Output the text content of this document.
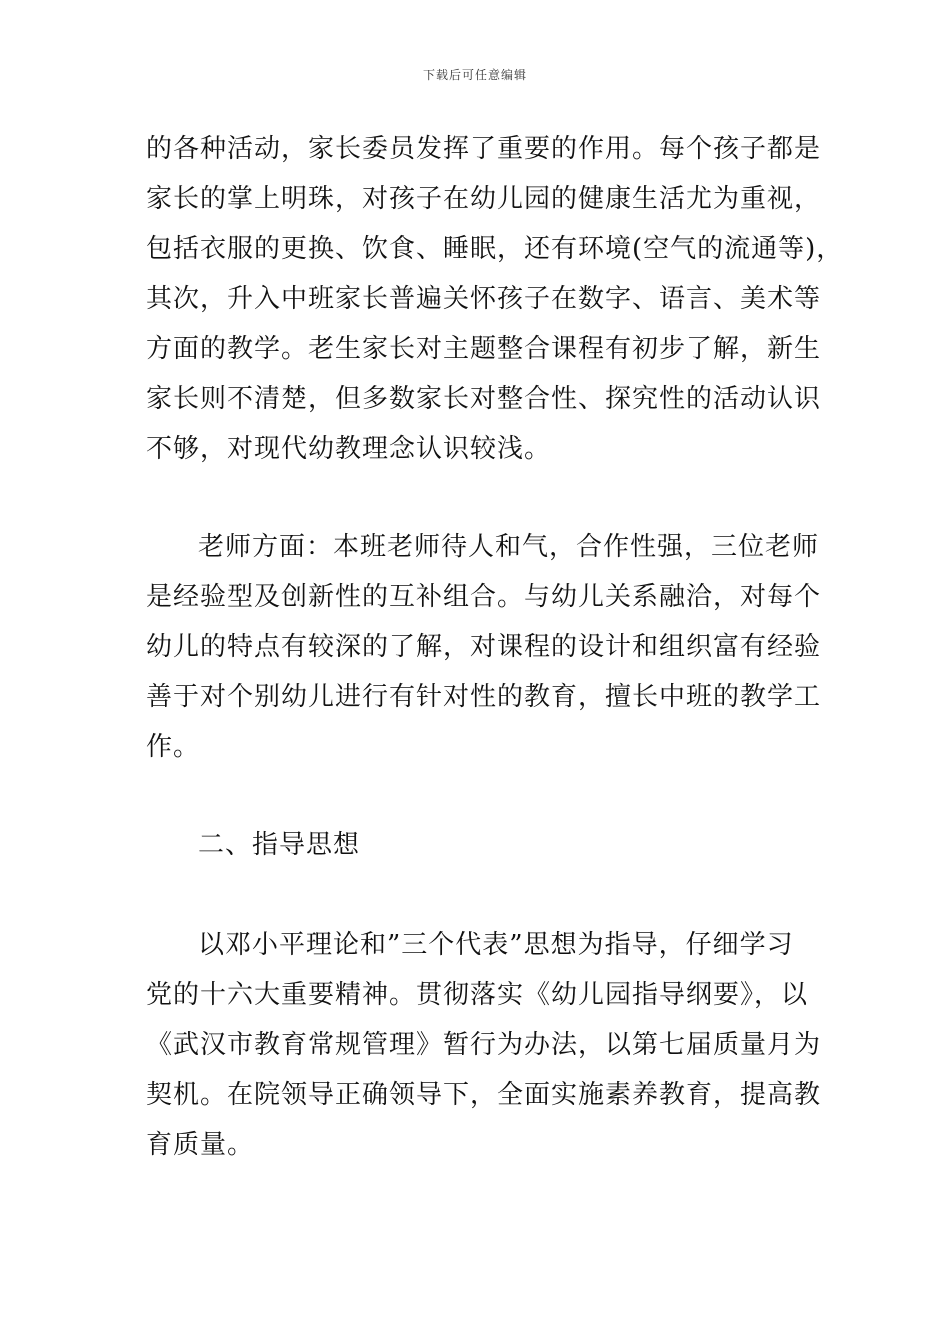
下载后可任意编辑
的各种活动，家长委员发挥了重要的作用。每个孩子都是
家长的掌上明珠，对孩子在幼儿园的健康生活尤为重视，
包括衣服的更换、饮食、睡眠，还有环境(空气的流通等)，
其次，升入中班家长普遍关怀孩子在数字、语言、美术等
方面的教学。老生家长对主题整合课程有初步了解，新生
家长则不清楚，但多数家长对整合性、探究性的活动认识
不够，对现代幼教理念认识较浅。
老师方面：本班老师待人和气，合作性强，三位老师
是经验型及创新性的互补组合。与幼儿关系融洽，对每个
幼儿的特点有较深的了解，对课程的设计和组织富有经验
善于对个别幼儿进行有针对性的教育，擅长中班的教学工
作。
二、指导思想
以邓小平理论和”三个代表”思想为指导，仔细学习
党的十六大重要精神。贯彻落实《幼儿园指导纲要》，以
《武汉市教育常规管理》暂行为办法，以第七届质量月为
契机。在院领导正确领导下，全面实施素养教育，提高教
育质量。
